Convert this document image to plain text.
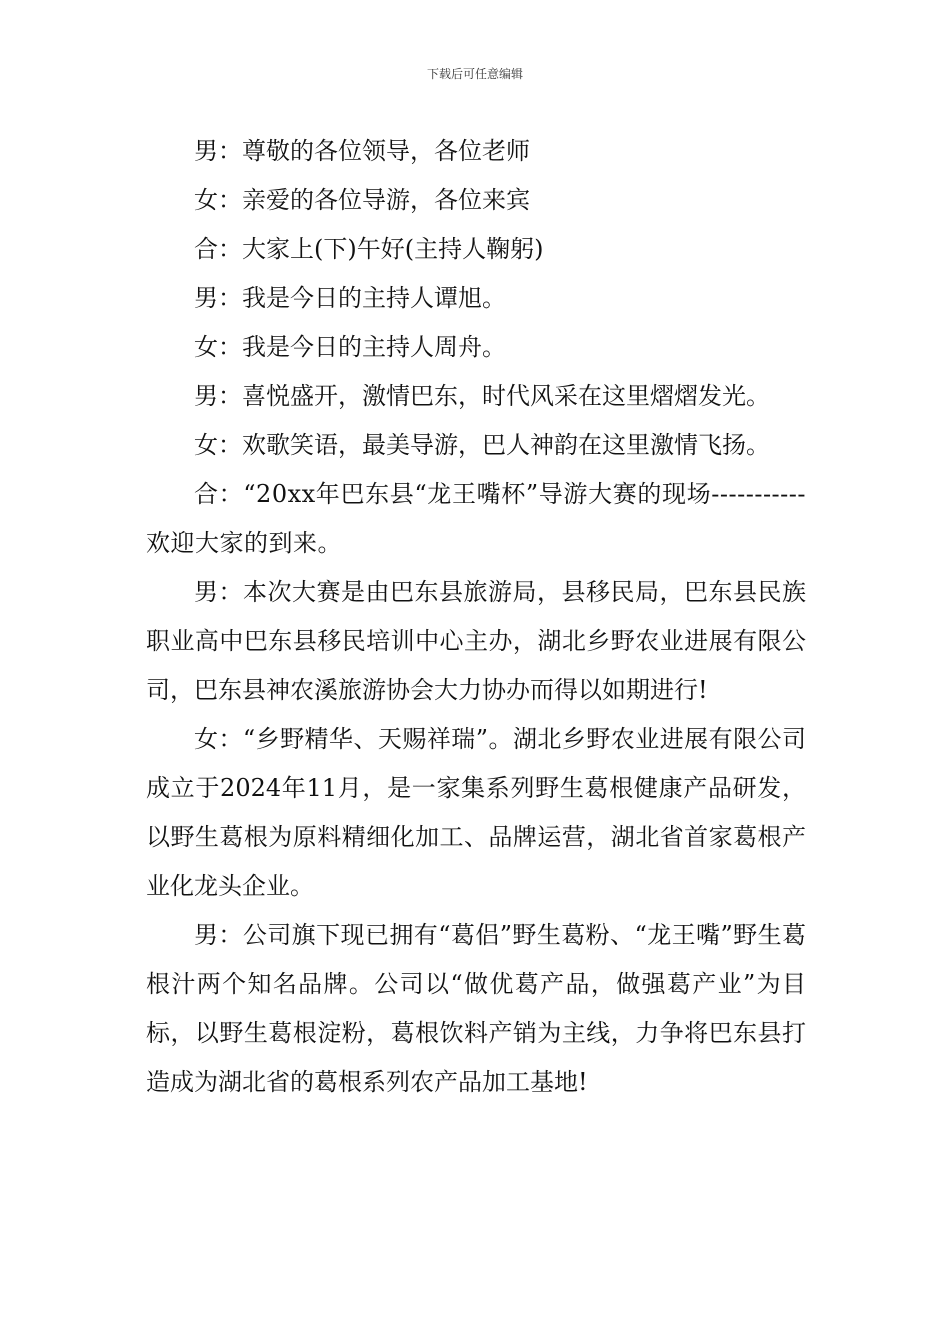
下载后可任意编辑

男：尊敬的各位领导，各位老师

女：亲爱的各位导游，各位来宾

合：大家上(下)午好(主持人鞠躬)

男：我是今日的主持人谭旭。

女：我是今日的主持人周舟。

男：喜悦盛开，激情巴东，时代风采在这里熠熠发光。

女：欢歌笑语，最美导游，巴人神韵在这里激情飞扬。

合：“20xx年巴东县“龙王嘴杯”导游大赛的现场-----------欢迎大家的到来。

男：本次大赛是由巴东县旅游局，县移民局，巴东县民族职业高中巴东县移民培训中心主办，湖北乡野农业进展有限公司，巴东县神农溪旅游协会大力协办而得以如期进行!

女：“乡野精华、天赐祥瑞”。湖北乡野农业进展有限公司成立于2024年11月，是一家集系列野生葛根健康产品研发，以野生葛根为原料精细化加工、品牌运营，湖北省首家葛根产业化龙头企业。

男：公司旗下现已拥有“葛侣”野生葛粉、“龙王嘴”野生葛根汁两个知名品牌。公司以“做优葛产品，做强葛产业”为目标，以野生葛根淀粉，葛根饮料产销为主线，力争将巴东县打造成为湖北省的葛根系列农产品加工基地!
